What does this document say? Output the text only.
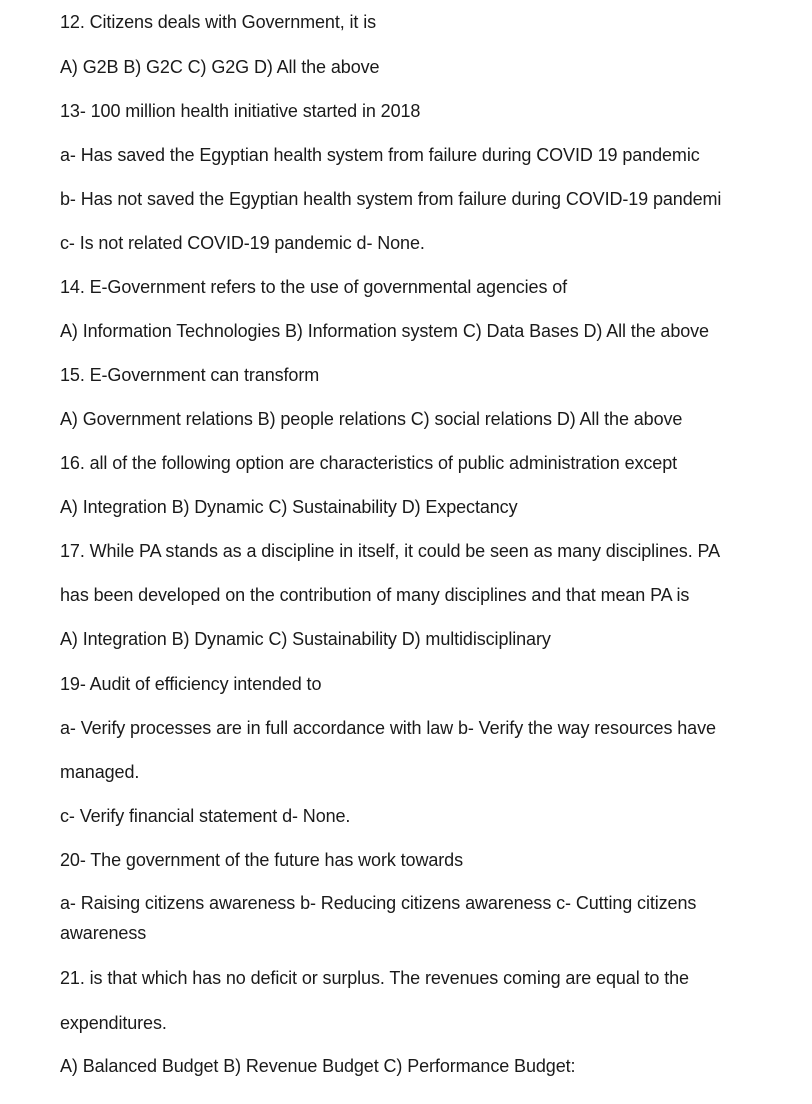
12. Citizens deals with Government, it is

A) G2B B) G2C C) G2G D) All the above

13- 100 million health initiative started in 2018

a- Has saved the Egyptian health system from failure during COVID 19 pandemic

b- Has not saved the Egyptian health system from failure during COVID-19 pandemi

c- Is not related COVID-19 pandemic d- None.

14. E-Government refers to the use of governmental agencies of

A) Information Technologies B) Information system C) Data Bases D) All the above

15. E-Government can transform

A) Government relations B) people relations C) social relations D) All the above

16. all of the following option are characteristics of public administration except

A) Integration B) Dynamic C) Sustainability D) Expectancy

17. While PA stands as a discipline in itself, it could be seen as many disciplines. PA

has been developed on the contribution of many disciplines and that mean PA is

A) Integration B) Dynamic C) Sustainability D) multidisciplinary

19- Audit of efficiency intended to

a- Verify processes are in full accordance with law b- Verify the way resources have

managed.

c- Verify financial statement d- None.

20- The government of the future has work towards

a- Raising citizens awareness b- Reducing citizens awareness c- Cutting citizens

awareness

21. is that which has no deficit or surplus. The revenues coming are equal to the

expenditures.

A) Balanced Budget B) Revenue Budget C) Performance Budget:
